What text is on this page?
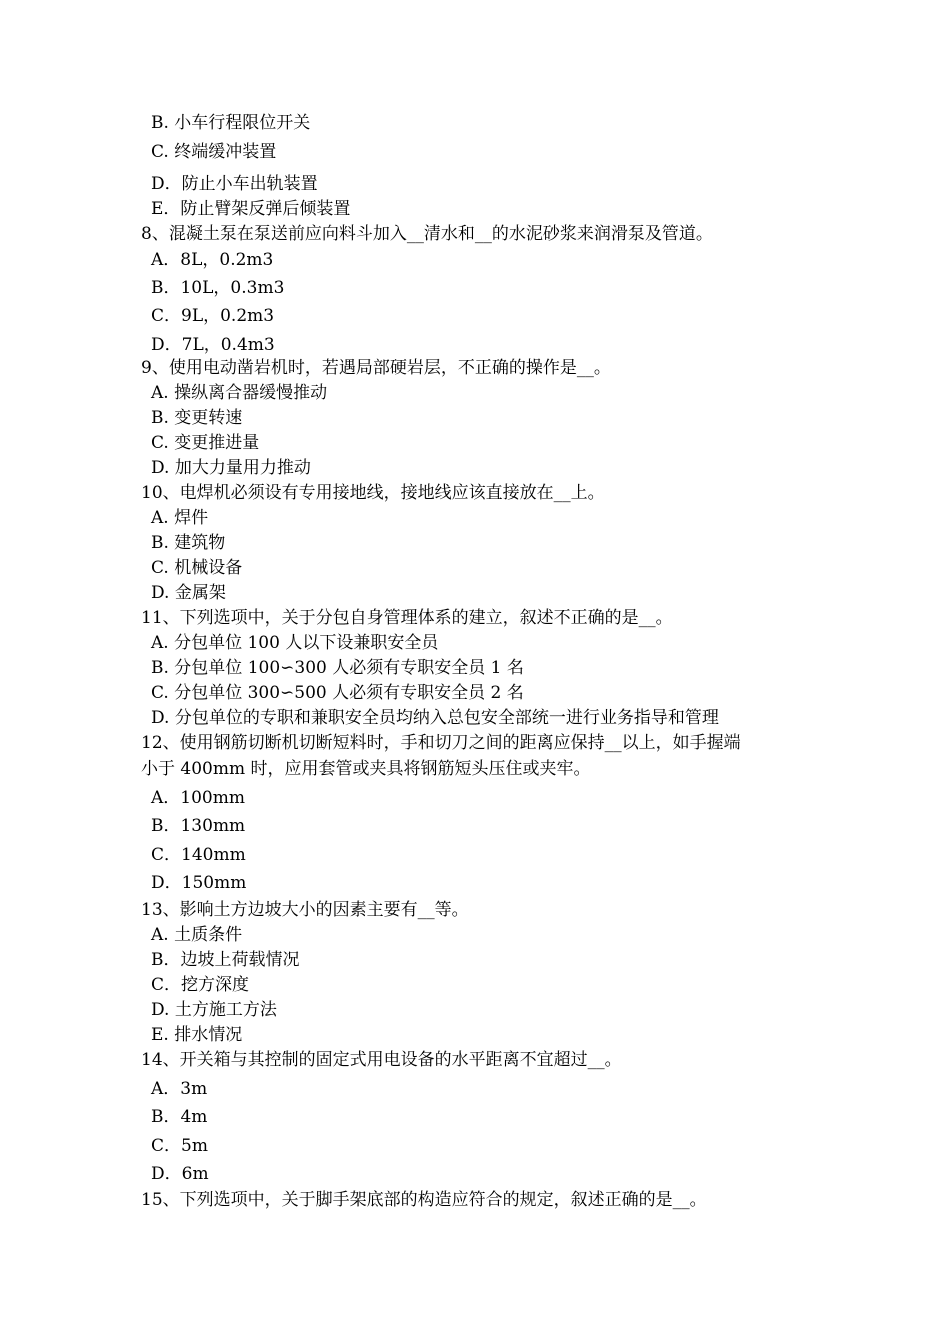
B. 小车行程限位开关
C. 终端缓冲装置
D．防止小车出轨装置
E．防止臂架反弹后倾装置
8、混凝土泵在泵送前应向料斗加入__清水和__的水泥砂浆来润滑泵及管道。
A．8L，0.2m3
B．10L，0.3m3
C．9L，0.2m3
D．7L，0.4m3
9、使用电动凿岩机时，若遇局部硬岩层，不正确的操作是__。
A. 操纵离合器缓慢推动
B. 变更转速
C. 变更推进量
D. 加大力量用力推动
10、电焊机必须设有专用接地线，接地线应该直接放在__上。
A. 焊件
B. 建筑物
C. 机械设备
D. 金属架
11、下列选项中，关于分包自身管理体系的建立，叙述不正确的是__。
A. 分包单位 100 人以下设兼职安全员
B. 分包单位 100∽300 人必须有专职安全员 1 名
C. 分包单位 300∽500 人必须有专职安全员 2 名
D. 分包单位的专职和兼职安全员均纳入总包安全部统一进行业务指导和管理
12、使用钢筋切断机切断短料时，手和切刀之间的距离应保持__以上，如手握端
小于 400mm 时，应用套管或夹具将钢筋短头压住或夹牢。
A．100mm
B．130mm
C．140mm
D．150mm
13、影响土方边坡大小的因素主要有__等。
A. 土质条件
B．边坡上荷载情况
C．挖方深度
D. 土方施工方法
E. 排水情况
14、开关箱与其控制的固定式用电设备的水平距离不宜超过__。
A．3m
B．4m
C．5m
D．6m
15、下列选项中，关于脚手架底部的构造应符合的规定，叙述正确的是__。
